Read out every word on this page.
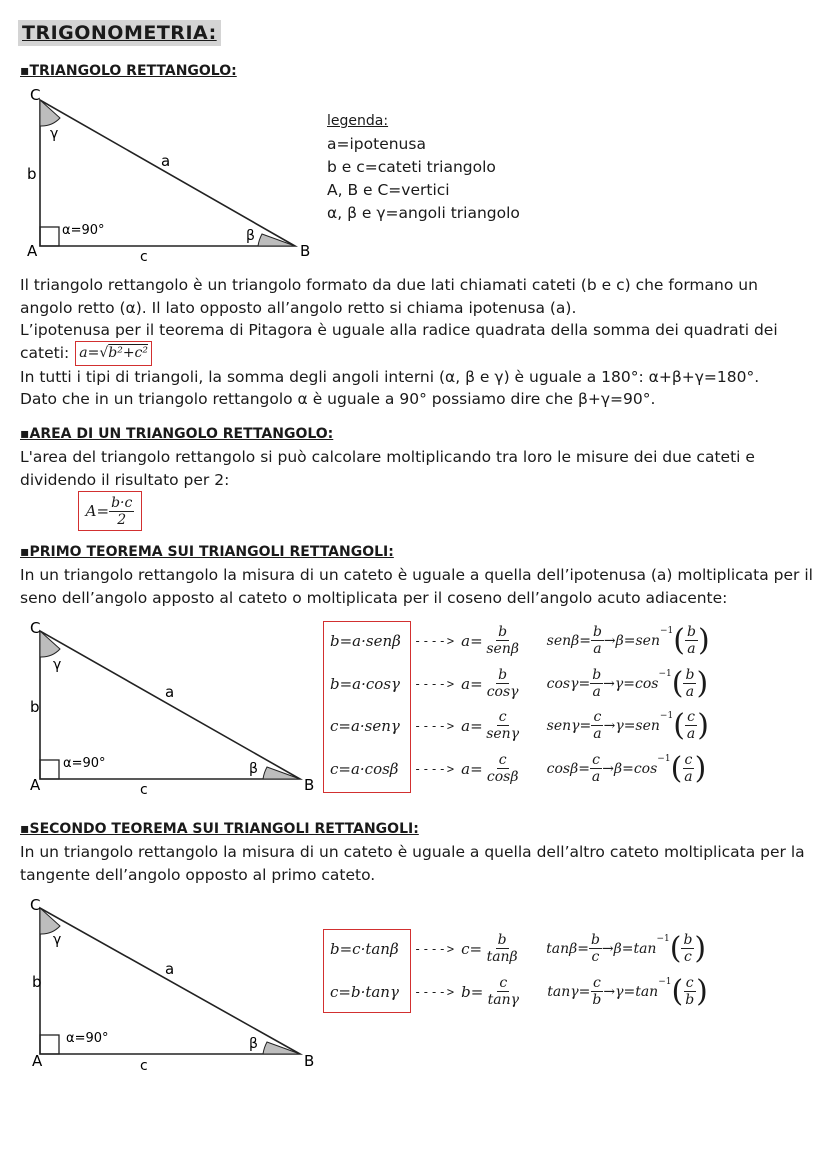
TRIGONOMETRIA:
▪TRIANGOLO RETTANGOLO:
C
γ
b
a
α=90°	β
A	c	B
legenda:
a=ipotenusa
b e c=cateti triangolo
A, B e C=vertici
α, β e γ=angoli triangolo
Il triangolo rettangolo è un triangolo formato da due lati chiamati cateti (b e c) che formano un
angolo retto (α). Il lato opposto all’angolo retto si chiama ipotenusa (a).
L’ipotenusa per il teorema di Pitagora è uguale alla radice quadrata della somma dei quadrati dei
cateti: a=√b²+c²
In tutti i tipi di triangoli, la somma degli angoli interni (α, β e γ) è uguale a 180°: α+β+γ=180°.
Dato che in un triangolo rettangolo α è uguale a 90° possiamo dire che β+γ=90°.
▪AREA DI UN TRIANGOLO RETTANGOLO:
L'area del triangolo rettangolo si può calcolare moltiplicando tra loro le misure dei due cateti e
dividendo il risultato per 2:
$A= \frac{b\cdot c}{2}$
▪PRIMO TEOREMA SUI TRIANGOLI RETTANGOLI:
In un triangolo rettangolo la misura di un cateto è uguale a quella dell’ipotenusa (a) moltiplicata per il
seno dell’angolo apposto al cateto o moltiplicata per il coseno dell’angolo acuto adiacente:
C
γ
b
a
α=90°	β
A	c	B
b=a·senβ	----> $a= \frac{b}{\text{senβ}} sen\beta= \frac{b}{a} \to\beta=sen$
$^{-1}$ ( $\frac{b}{a}$ )
b=a·cosγ	----> $a= \frac{b}{\cos\gamma} \cos\gamma= \frac{b}{a} \to\gamma=\cos$
$^{-1}$ ( $\frac{b}{a}$ )
c=a·senγ	----> $a= \frac{c}{\text{senγ}} sen\gamma= \frac{c}{a} \to\gamma=sen$
$^{-1}$ ( $\frac{c}{a}$ )
c=a·cosβ	----> $a= \frac{c}{\cos\beta} \cos\beta= \frac{c}{a} \to\beta=\cos$
$^{-1}$ ( $\frac{c}{a}$ )
▪SECONDO TEOREMA SUI TRIANGOLI RETTANGOLI:
In un triangolo rettangolo la misura di un cateto è uguale a quella dell’altro cateto moltiplicata per la
tangente dell’angolo opposto al primo cateto.
C
γ
b
a
α=90°	β
A	c	B
b=c·tanβ	----> $c= \frac{b}{\tan\beta} \tan\beta= \frac{b}{c} \to\beta=\tan$
$^{-1}$ ( $\frac{b}{c}$ )
c=b·tanγ	----> $b= \frac{c}{\tan\gamma} \tan\gamma= \frac{c}{b} \to\gamma=\tan$
$^{-1}$ ( $\frac{c}{b}$ )
